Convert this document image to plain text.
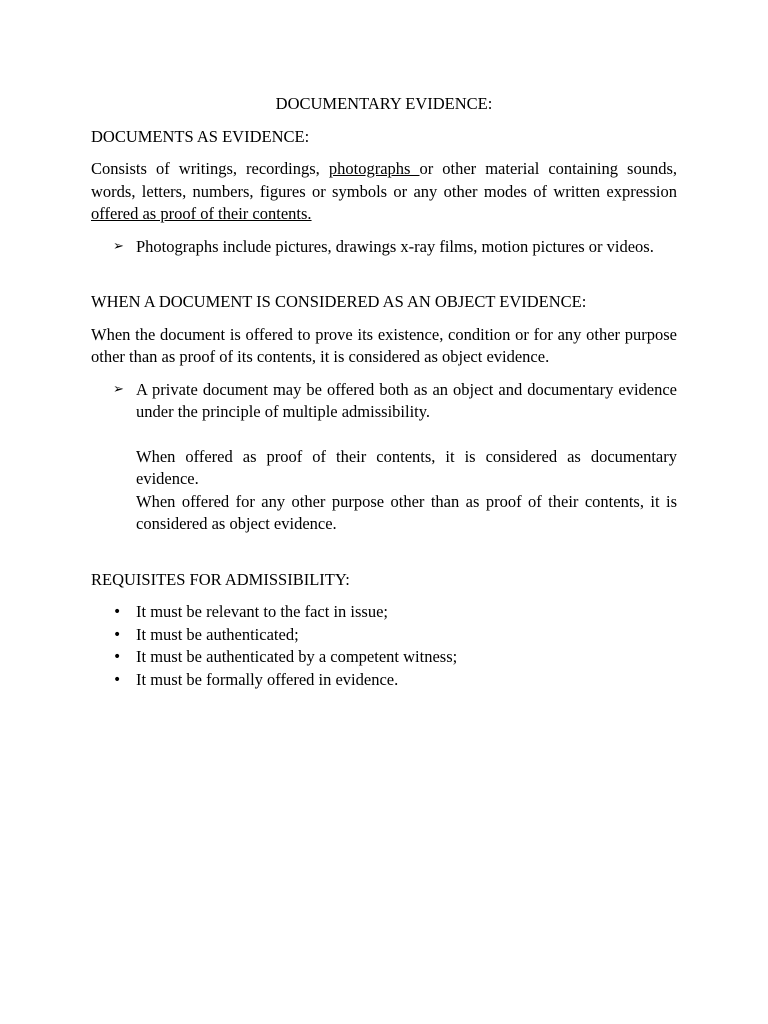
DOCUMENTARY EVIDENCE:
DOCUMENTS AS EVIDENCE:

Consists of writings, recordings, photographs or other material containing sounds, words, letters, numbers, figures or symbols or any other modes of written expression offered as proof of their contents.

➢ Photographs include pictures, drawings x-ray films, motion pictures or videos.
WHEN A DOCUMENT IS CONSIDERED AS AN OBJECT EVIDENCE:

When the document is offered to prove its existence, condition or for any other purpose other than as proof of its contents, it is considered as object evidence.

➢ A private document may be offered both as an object and documentary evidence under the principle of multiple admissibility.

When offered as proof of their contents, it is considered as documentary evidence.

When offered for any other purpose other than as proof of their contents, it is considered as object evidence.

REQUISITES FOR ADMISSIBILITY:
• It must be relevant to the fact in issue;
• It must be authenticated;
• It must be authenticated by a competent witness;
• It must be formally offered in evidence.
